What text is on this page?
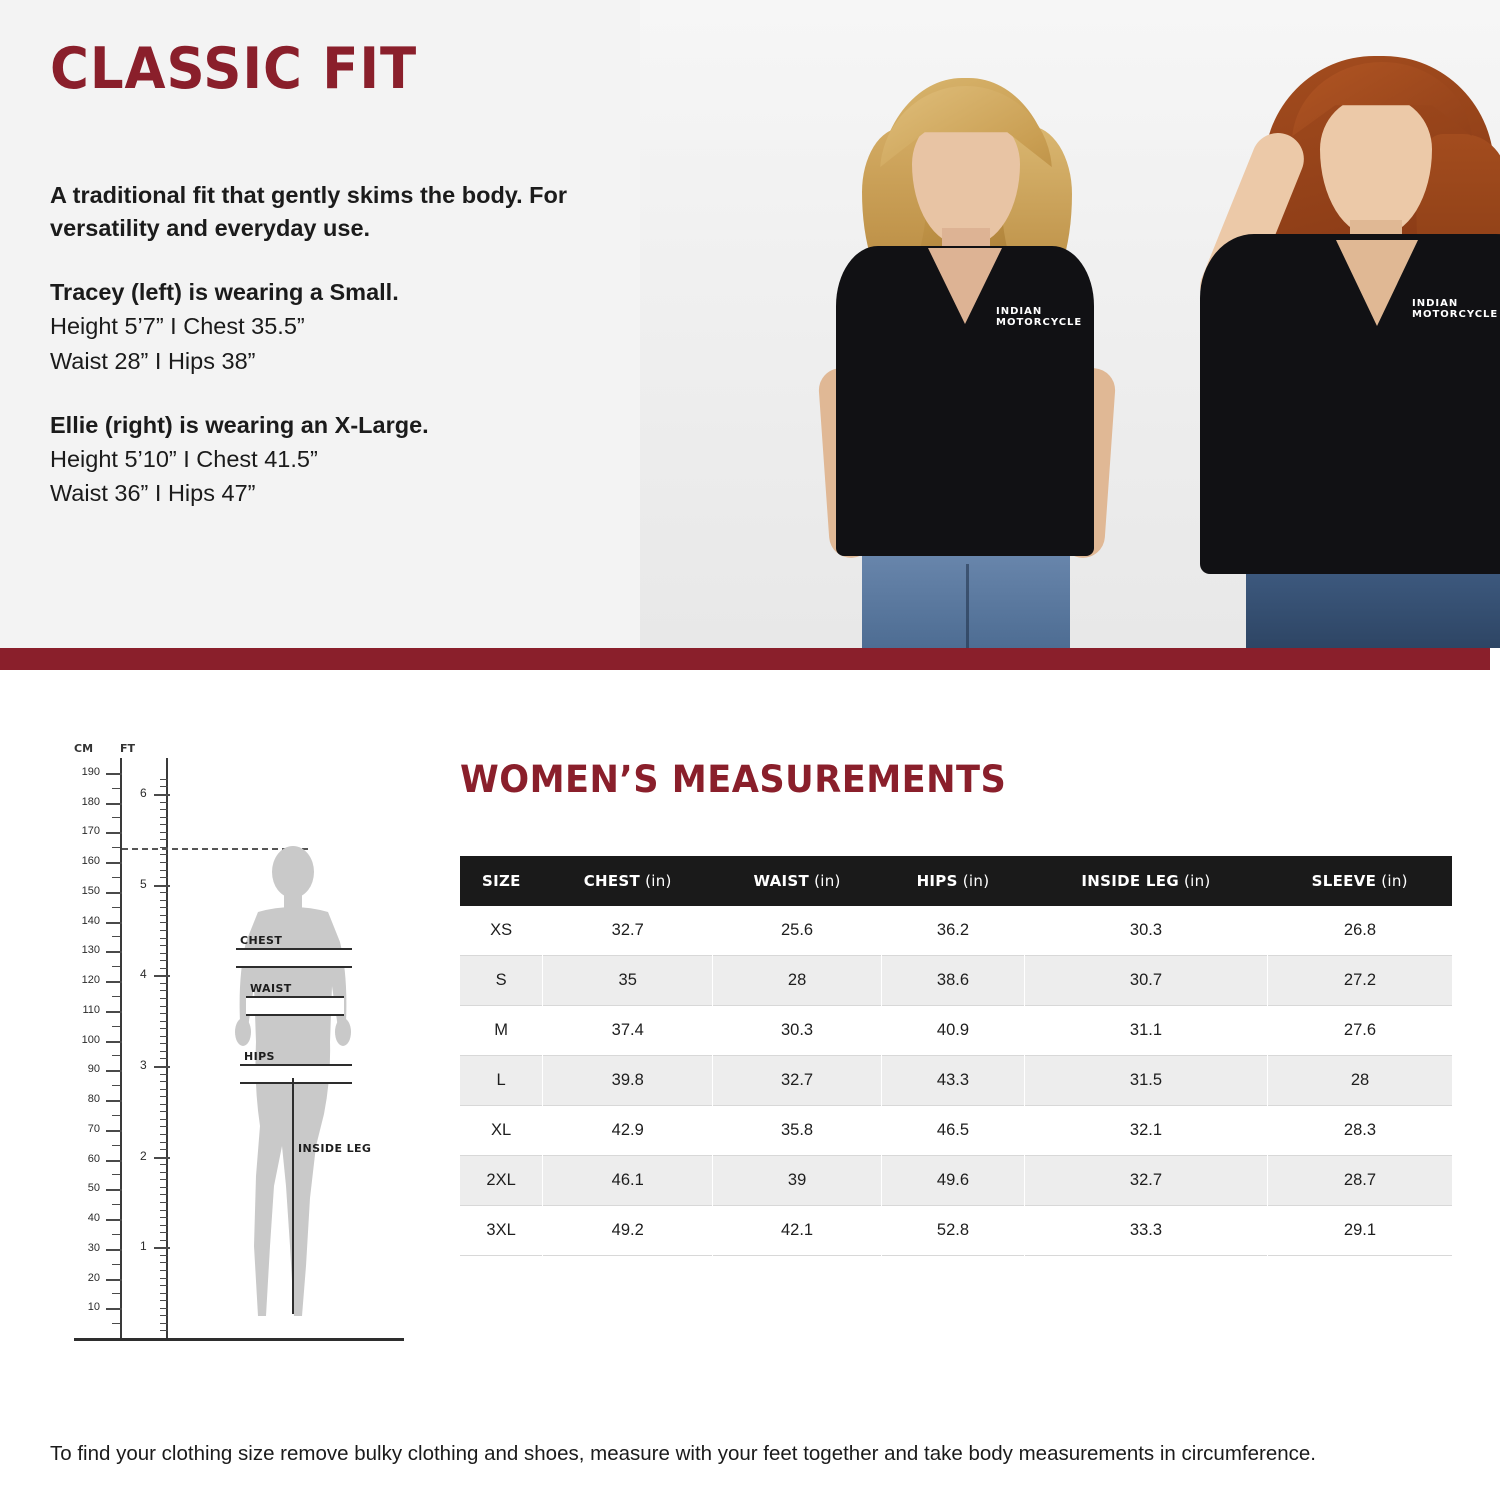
INDIAN MOTORCYCLE
INDIAN MOTORCYCLE
CLASSIC FIT

A traditional fit that gently skims the body. For versatility and everyday use.

Tracey (left) is wearing a Small.

Height 5’7” I Chest 35.5”

Waist 28” I Hips 38”

Ellie (right) is wearing an X-Large.

Height 5’10” I Chest 41.5”

Waist 36” I Hips 47”

CM FT
190
180
170
160
150
140
130
120
110
100
90
80
70
60
50
40
30
20
10
6
5
4
3
2
1
CHEST
WAIST
HIPS
INSIDE LEG
WOMEN’S MEASUREMENTS
SIZE	CHEST (in)	WAIST (in)	HIPS (in)	INSIDE LEG (in)	SLEEVE (in)
XS	32.7	25.6	36.2	30.3	26.8
S	35	28	38.6	30.7	27.2
M	37.4	30.3	40.9	31.1	27.6
L	39.8	32.7	43.3	31.5	28
XL	42.9	35.8	46.5	32.1	28.3
2XL	46.1	39	49.6	32.7	28.7
3XL	49.2	42.1	52.8	33.3	29.1
To find your clothing size remove bulky clothing and shoes, measure with your feet together and take body measurements in circumference.
